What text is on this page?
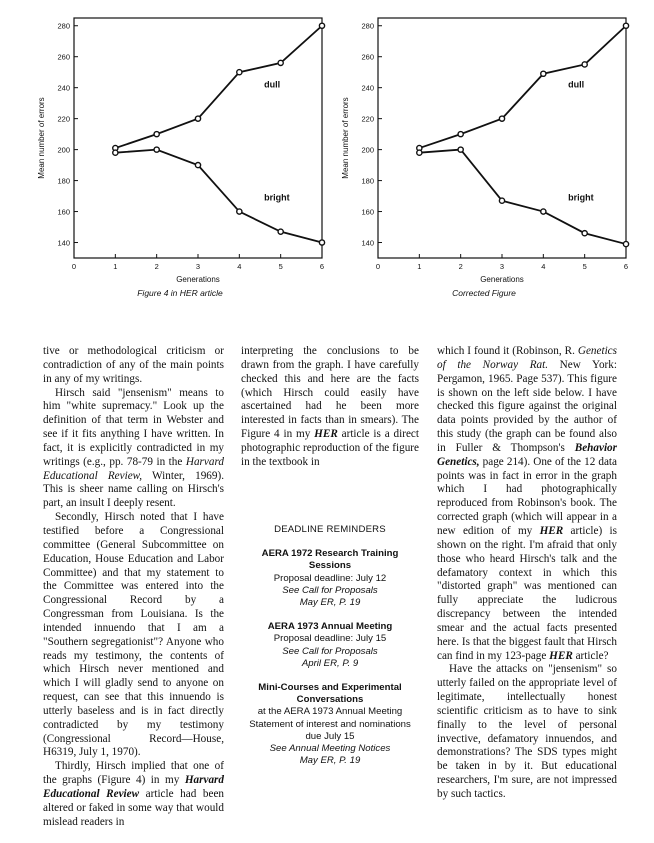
140
160
180
200
220
240
260
280
0	1	2	3	4	5	6
Generations
Mean number of errors
dull
bright
Figure 4 in HER article
140
160
180
200
220
240
260
280
0	1	2	3	4	5	6
Generations
Mean number of errors
dull
bright
Corrected Figure

tive or methodological criticism or contradiction of any of the main points in any of my writings.

Hirsch said "jensenism" means to him "white supremacy." Look up the definition of that term in Webster and see if it fits anything I have written. In fact, it is explicitly contradicted in my writings (e.g., pp. 78-79 in the Harvard Educational Review, Winter, 1969). This is sheer name calling on Hirsch's part, an insult I deeply resent.

Secondly, Hirsch noted that I have testified before a Congressional committee (General Subcommittee on Education, House Education and Labor Committee) and that my statement to the Committee was entered into the Congressional Record by a Congressman from Louisiana. Is the intended innuendo that I am a "Southern segregationist"? Anyone who reads my testimony, the contents of which Hirsch never mentioned and which I will gladly send to anyone on request, can see that this innuendo is utterly baseless and is in fact directly contradicted by my testimony (Congressional Record—House, H6319, July 1, 1970).

Thirdly, Hirsch implied that one of the graphs (Figure 4) in my Harvard Educational Review article had been altered or faked in some way that would mislead readers in

interpreting the conclusions to be drawn from the graph. I have carefully checked this and here are the facts (which Hirsch could easily have ascertained had he been more interested in facts than in smears). The Figure 4 in my HER article is a direct photographic reproduction of the figure in the textbook in

DEADLINE REMINDERS
AERA 1972 Research Training Sessions
Proposal deadline: July 12
See Call for Proposals
May ER, P. 19
AERA 1973 Annual Meeting
Proposal deadline: July 15
See Call for Proposals
April ER, P. 9
Mini-Courses and Experimental Conversations
at the AERA 1973 Annual Meeting
Statement of interest and nominations due July 15
See Annual Meeting Notices
May ER, P. 19

which I found it (Robinson, R. Genetics of the Norway Rat. New York: Pergamon, 1965. Page 537). This figure is shown on the left side below. I have checked this figure against the original data points provided by the author of this study (the graph can be found also in Fuller & Thompson's Behavior Genetics, page 214). One of the 12 data points was in fact in error in the graph which I had photographically reproduced from Robinson's book. The corrected graph (which will appear in a new edition of my HER article) is shown on the right. I'm afraid that only those who heard Hirsch's talk and the defamatory context in which this "distorted graph" was mentioned can fully appreciate the ludicrous discrepancy between the intended smear and the actual facts presented here. Is that the biggest fault that Hirsch can find in my 123-page HER article?

Have the attacks on "jensenism" so utterly failed on the appropriate level of legitimate, intellectually honest scientific criticism as to have to sink finally to the level of personal invective, defamatory innuendos, and demonstrations? The SDS types might be taken in by it. But educational researchers, I'm sure, are not impressed by such tactics.
